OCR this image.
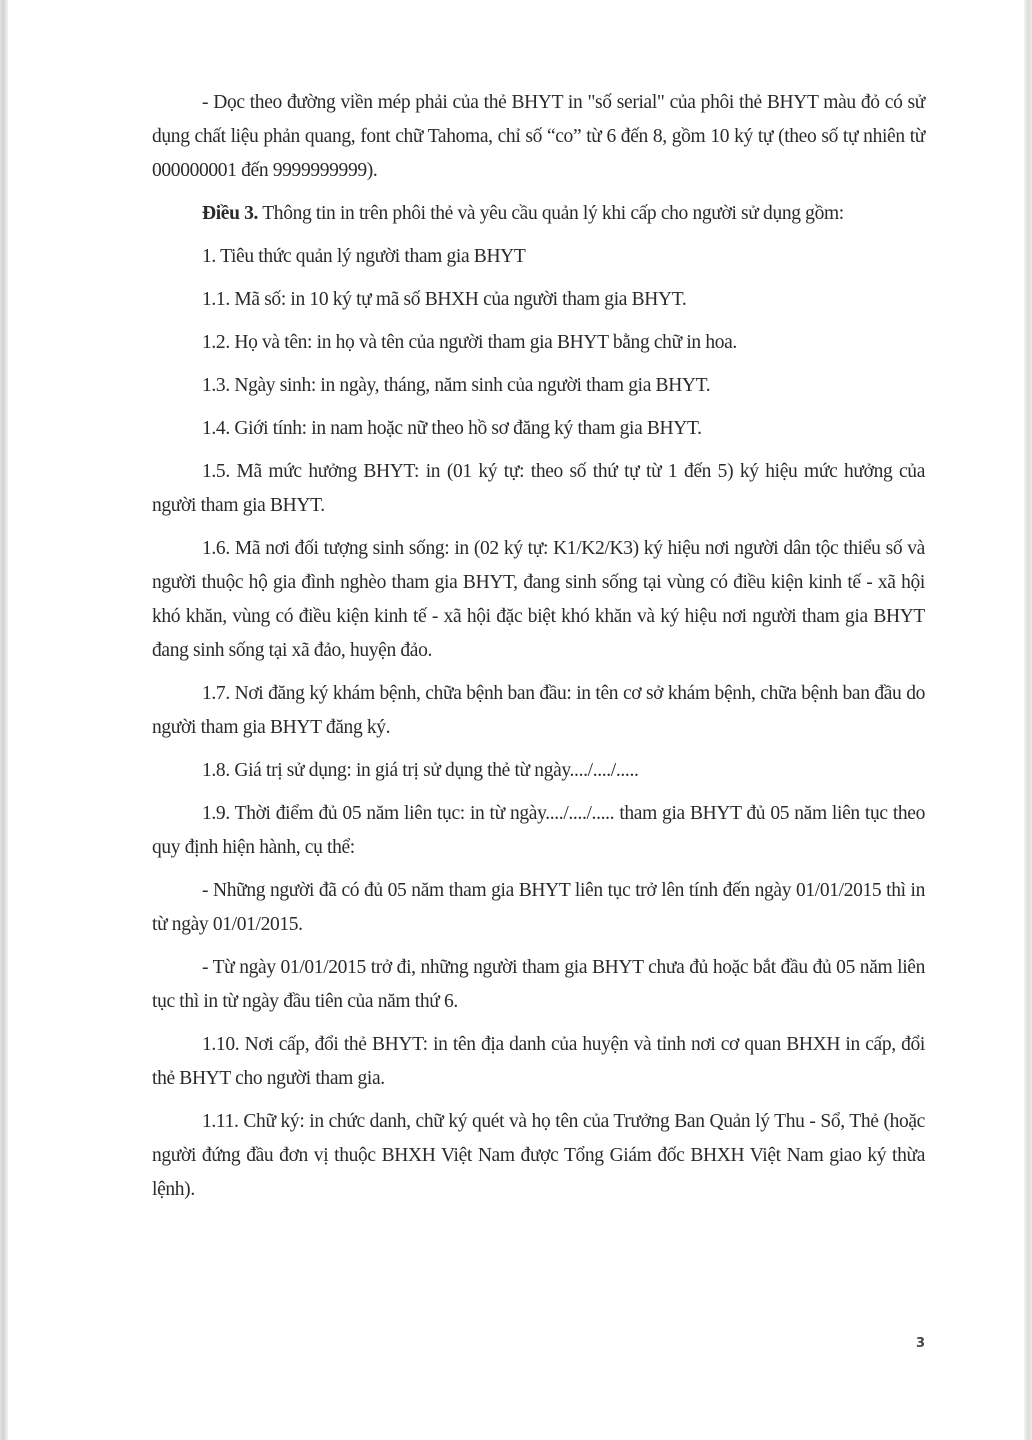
- Dọc theo đường viền mép phải của thẻ BHYT in "số serial" của phôi thẻ BHYT màu đỏ có sử dụng chất liệu phản quang, font chữ Tahoma, chỉ số “co” từ 6 đến 8, gồm 10 ký tự (theo số tự nhiên từ 000000001 đến 9999999999).

Điều 3. Thông tin in trên phôi thẻ và yêu cầu quản lý khi cấp cho người sử dụng gồm:

1. Tiêu thức quản lý người tham gia BHYT

1.1. Mã số: in 10 ký tự mã số BHXH của người tham gia BHYT.

1.2. Họ và tên: in họ và tên của người tham gia BHYT bằng chữ in hoa.

1.3. Ngày sinh: in ngày, tháng, năm sinh của người tham gia BHYT.

1.4. Giới tính: in nam hoặc nữ theo hồ sơ đăng ký tham gia BHYT.

1.5. Mã mức hưởng BHYT: in (01 ký tự: theo số thứ tự từ 1 đến 5) ký hiệu mức hưởng của người tham gia BHYT.

1.6. Mã nơi đối tượng sinh sống: in (02 ký tự: K1/K2/K3) ký hiệu nơi người dân tộc thiểu số và người thuộc hộ gia đình nghèo tham gia BHYT, đang sinh sống tại vùng có điều kiện kinh tế - xã hội khó khăn, vùng có điều kiện kinh tế - xã hội đặc biệt khó khăn và ký hiệu nơi người tham gia BHYT đang sinh sống tại xã đảo, huyện đảo.

1.7. Nơi đăng ký khám bệnh, chữa bệnh ban đầu: in tên cơ sở khám bệnh, chữa bệnh ban đầu do người tham gia BHYT đăng ký.

1.8. Giá trị sử dụng: in giá trị sử dụng thẻ từ ngày..../..../.....

1.9. Thời điểm đủ 05 năm liên tục: in từ ngày..../..../..... tham gia BHYT đủ 05 năm liên tục theo quy định hiện hành, cụ thể:

- Những người đã có đủ 05 năm tham gia BHYT liên tục trở lên tính đến ngày 01/01/2015 thì in từ ngày 01/01/2015.

- Từ ngày 01/01/2015 trở đi, những người tham gia BHYT chưa đủ hoặc bắt đầu đủ 05 năm liên tục thì in từ ngày đầu tiên của năm thứ 6.

1.10. Nơi cấp, đổi thẻ BHYT: in tên địa danh của huyện và tỉnh nơi cơ quan BHXH in cấp, đổi thẻ BHYT cho người tham gia.

1.11. Chữ ký: in chức danh, chữ ký quét và họ tên của Trưởng Ban Quản lý Thu - Sổ, Thẻ (hoặc người đứng đầu đơn vị thuộc BHXH Việt Nam được Tổng Giám đốc BHXH Việt Nam giao ký thừa lệnh).

3
